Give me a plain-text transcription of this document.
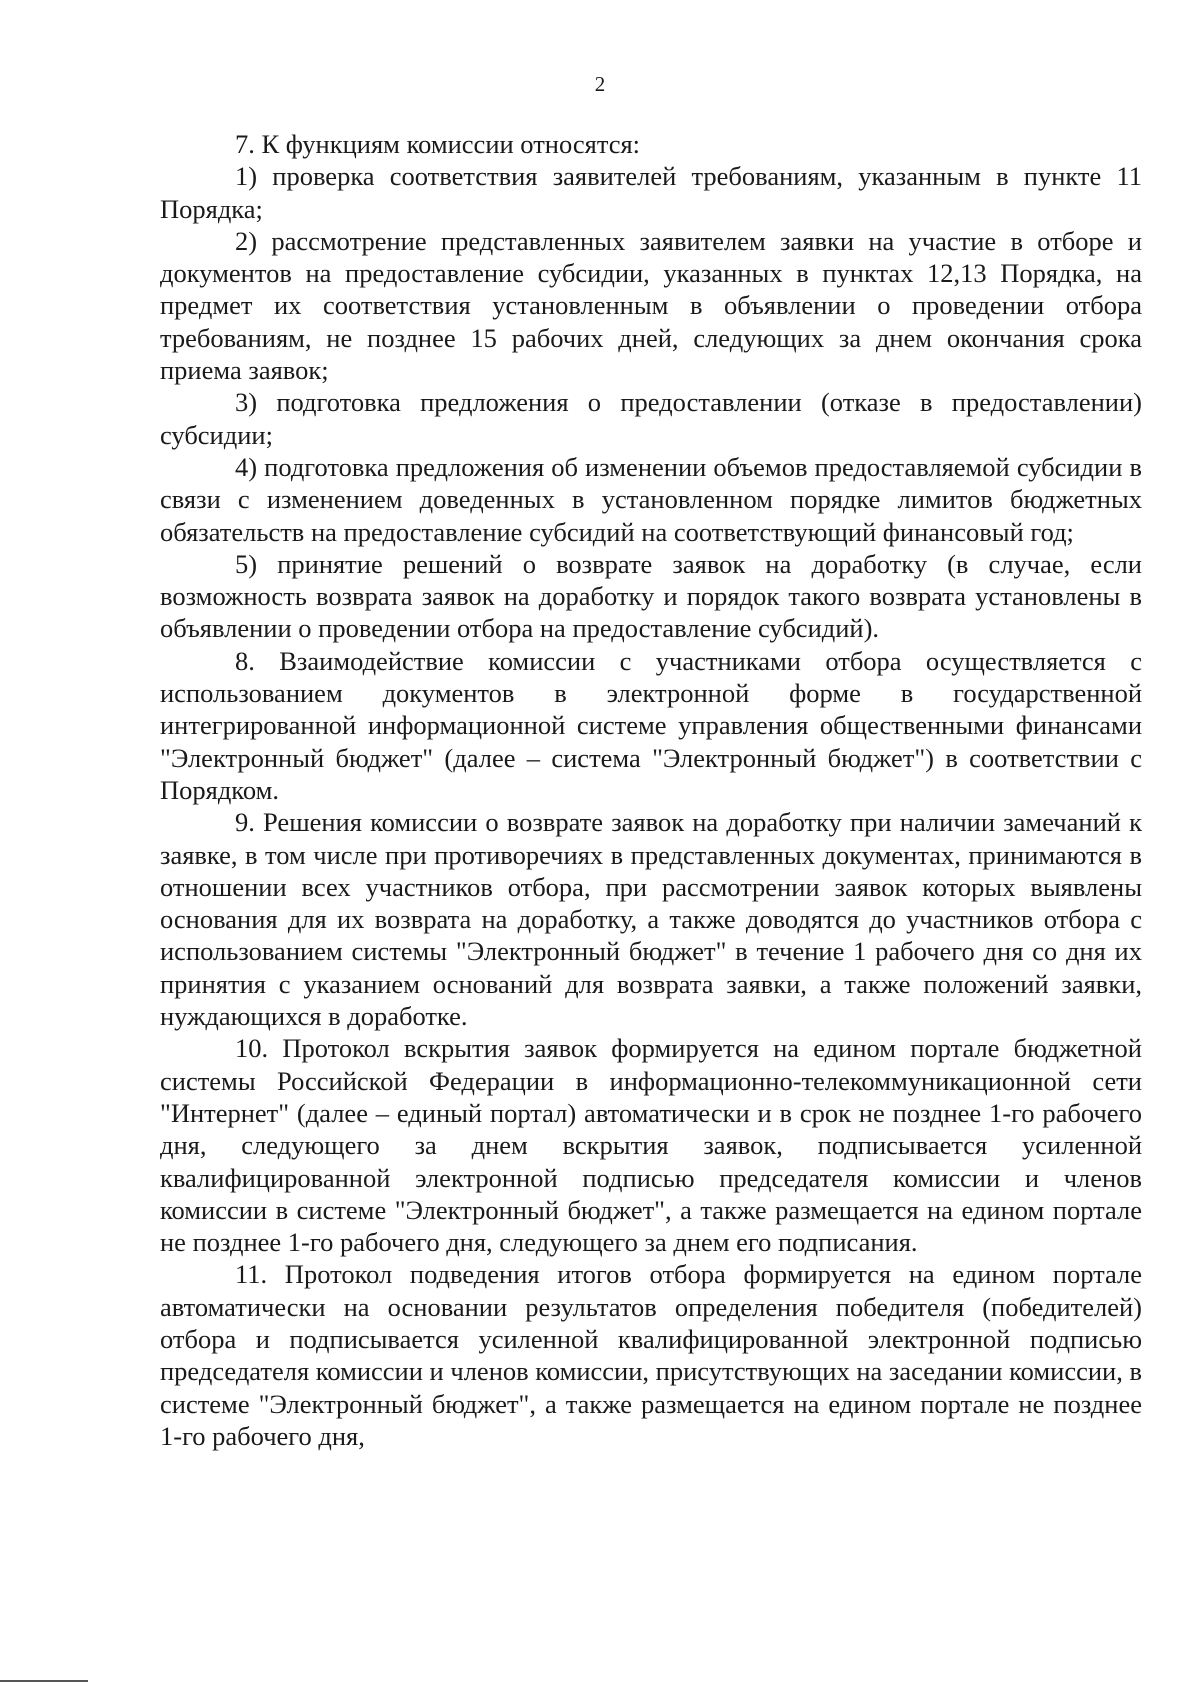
2

7. К функциям комиссии относятся:

1) проверка соответствия заявителей требованиям, указанным в пункте 11 Порядка;

2) рассмотрение представленных заявителем заявки на участие в отборе и документов на предоставление субсидии, указанных в пунктах 12,13 Порядка, на предмет их соответствия установленным в объявлении о проведении отбора требованиям, не позднее 15 рабочих дней, следующих за днем окончания срока приема заявок;

3) подготовка предложения о предоставлении (отказе в предоставлении) субсидии;

4) подготовка предложения об изменении объемов предоставляемой субсидии в связи с изменением доведенных в установленном порядке лимитов бюджетных обязательств на предоставление субсидий на соответствующий финансовый год;

5) принятие решений о возврате заявок на доработку (в случае, если возможность возврата заявок на доработку и порядок такого возврата установлены в объявлении о проведении отбора на предоставление субсидий).

8. Взаимодействие комиссии с участниками отбора осуществляется с использованием документов в электронной форме в государственной интегрированной информационной системе управления общественными финансами "Электронный бюджет" (далее – система "Электронный бюджет") в соответствии с Порядком.

9. Решения комиссии о возврате заявок на доработку при наличии замечаний к заявке, в том числе при противоречиях в представленных документах, принимаются в отношении всех участников отбора, при рассмотрении заявок которых выявлены основания для их возврата на доработку, а также доводятся до участников отбора с использованием системы "Электронный бюджет" в течение 1 рабочего дня со дня их принятия с указанием оснований для возврата заявки, а также положений заявки, нуждающихся в доработке.

10. Протокол вскрытия заявок формируется на едином портале бюджетной системы Российской Федерации в информационно-телекоммуникационной сети "Интернет" (далее – единый портал) автоматически и в срок не позднее 1-го рабочего дня, следующего за днем вскрытия заявок, подписывается усиленной квалифицированной электронной подписью председателя комиссии и членов комиссии в системе "Электронный бюджет", а также размещается на едином портале не позднее 1-го рабочего дня, следующего за днем его подписания.

11. Протокол подведения итогов отбора формируется на едином портале автоматически на основании результатов определения победителя (победителей) отбора и подписывается усиленной квалифицированной электронной подписью председателя комиссии и членов комиссии, присутствующих на заседании комиссии, в системе "Электронный бюджет", а также размещается на едином портале не позднее 1-го рабочего дня,
